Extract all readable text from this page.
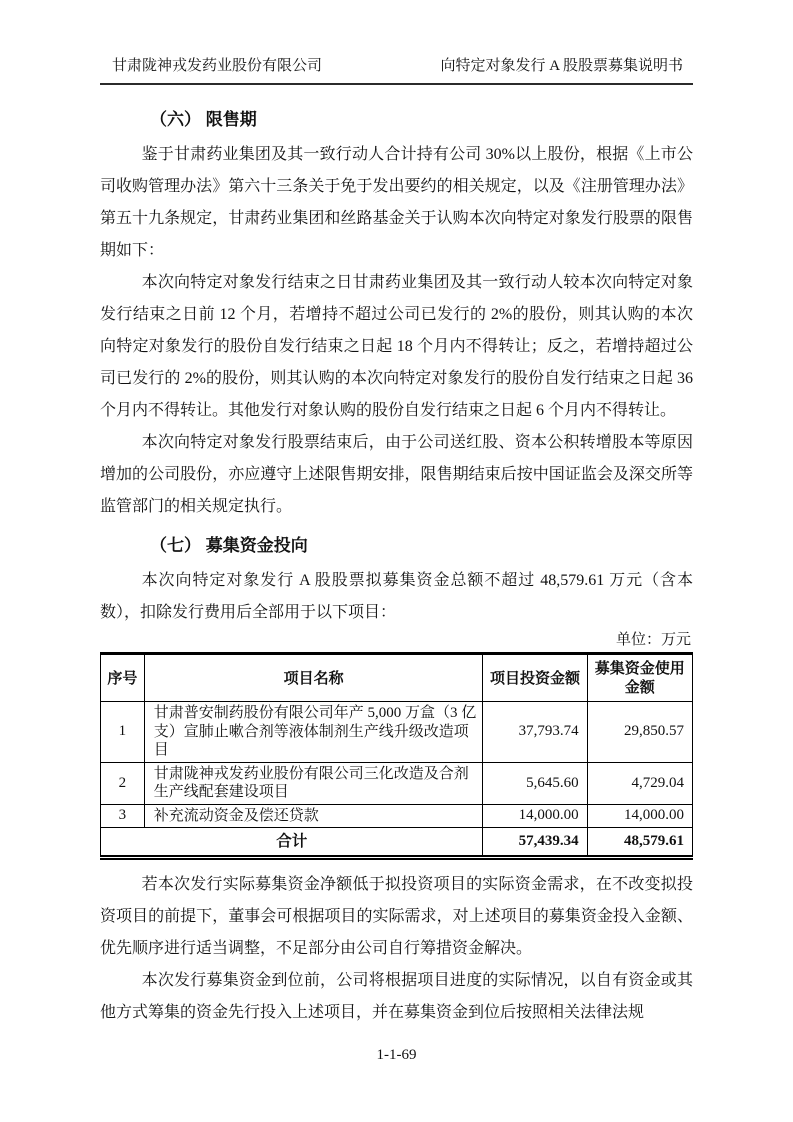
甘肃陇神戎发药业股份有限公司	向特定对象发行 A 股股票募集说明书
（六） 限售期

鉴于甘肃药业集团及其一致行动人合计持有公司 30%以上股份，根据《上市公司收购管理办法》第六十三条关于免于发出要约的相关规定，以及《注册管理办法》第五十九条规定，甘肃药业集团和丝路基金关于认购本次向特定对象发行股票的限售期如下：

本次向特定对象发行结束之日甘肃药业集团及其一致行动人较本次向特定对象发行结束之日前 12 个月，若增持不超过公司已发行的 2%的股份，则其认购的本次向特定对象发行的股份自发行结束之日起 18 个月内不得转让；反之，若增持超过公司已发行的 2%的股份，则其认购的本次向特定对象发行的股份自发行结束之日起 36 个月内不得转让。其他发行对象认购的股份自发行结束之日起 6 个月内不得转让。

本次向特定对象发行股票结束后，由于公司送红股、资本公积转增股本等原因增加的公司股份，亦应遵守上述限售期安排，限售期结束后按中国证监会及深交所等监管部门的相关规定执行。

（七） 募集资金投向

本次向特定对象发行 A 股股票拟募集资金总额不超过 48,579.61 万元（含本数），扣除发行费用后全部用于以下项目：

单位：万元
序号	项目名称	项目投资金额	募集资金使用金额
1	甘肃普安制药股份有限公司年产 5,000 万盒（3 亿支）宣肺止嗽合剂等液体制剂生产线升级改造项目	37,793.74	29,850.57
2	甘肃陇神戎发药业股份有限公司三化改造及合剂生产线配套建设项目	5,645.60	4,729.04
3	补充流动资金及偿还贷款	14,000.00	14,000.00
合计		57,439.34	48,579.61

若本次发行实际募集资金净额低于拟投资项目的实际资金需求，在不改变拟投资项目的前提下，董事会可根据项目的实际需求，对上述项目的募集资金投入金额、优先顺序进行适当调整，不足部分由公司自行筹措资金解决。

本次发行募集资金到位前，公司将根据项目进度的实际情况，以自有资金或其他方式筹集的资金先行投入上述项目，并在募集资金到位后按照相关法律法规

1-1-69
